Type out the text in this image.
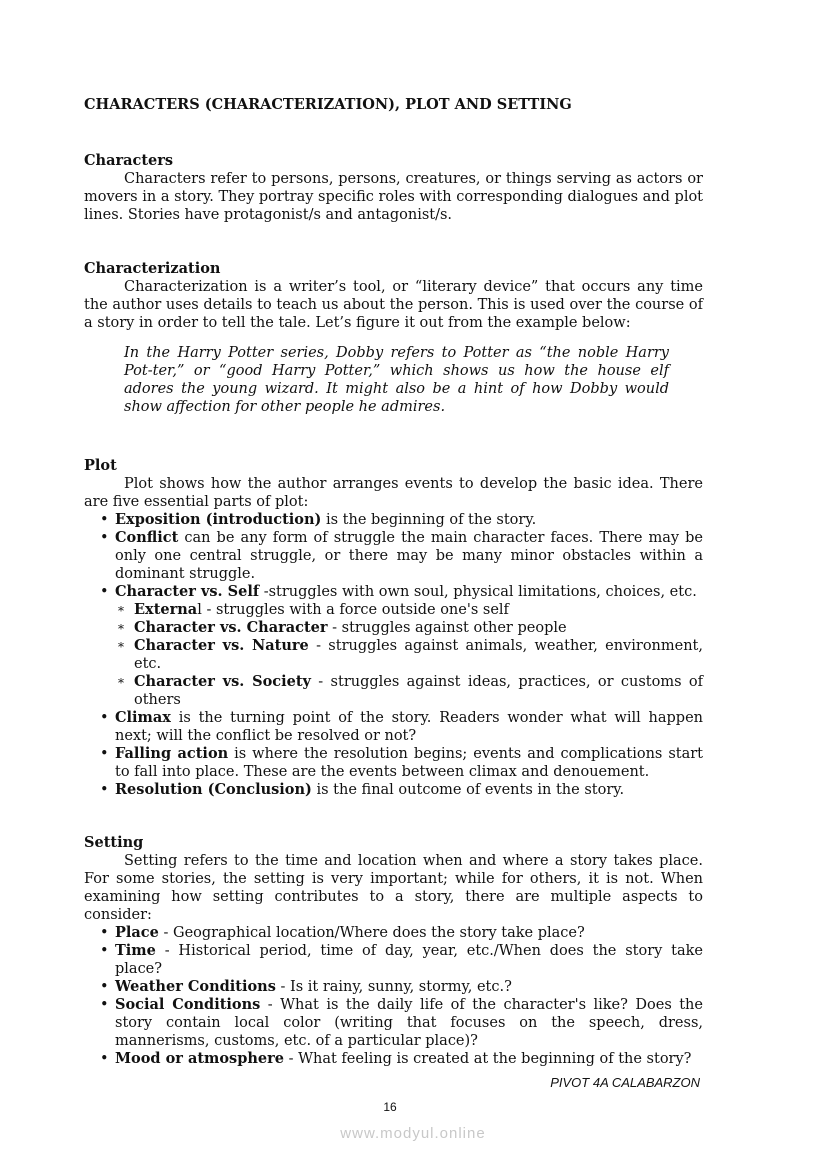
CHARACTERS (CHARACTERIZATION), PLOT AND SETTING
Characters
Characters refer to persons, persons, creatures, or things serving as actors or movers in a story. They portray specific roles with corresponding dialogues and plot lines. Stories have protagonist/s and antagonist/s.
Characterization
Characterization is a writer’s tool, or “literary device” that occurs any time the author uses details to teach us about the person. This is used over the course of a story in order to tell the tale. Let’s figure it out from the example below:
In the Harry Potter series, Dobby refers to Potter as “the noble Harry Pot-ter,” or “good Harry Potter,” which shows us how the house elf adores the young wizard. It might also be a hint of how Dobby would show affection for other people he admires.
Plot
Plot shows how the author arranges events to develop the basic idea. There are five essential parts of plot:
• Exposition (introduction) is the beginning of the story.
• Conflict can be any form of struggle the main character faces. There may be only one central struggle, or there may be many minor obstacles within a dominant struggle.
• Character vs. Self -struggles with own soul, physical limitations, choices, etc.
* External - struggles with a force outside one's self
* Character vs. Character - struggles against other people
* Character vs. Nature - struggles against animals, weather, environment, etc.
* Character vs. Society - struggles against ideas, practices, or customs of others
• Climax is the turning point of the story. Readers wonder what will happen next; will the conflict be resolved or not?
• Falling action is where the resolution begins; events and complications start to fall into place. These are the events between climax and denouement.
• Resolution (Conclusion) is the final outcome of events in the story.
Setting
Setting refers to the time and location when and where a story takes place. For some stories, the setting is very important; while for others, it is not. When examining how setting contributes to a story, there are multiple aspects to consider:
• Place - Geographical location/Where does the story take place?
• Time - Historical period, time of day, year, etc./When does the story take place?
• Weather Conditions - Is it rainy, sunny, stormy, etc.?
• Social Conditions - What is the daily life of the character's like? Does the story contain local color (writing that focuses on the speech, dress, mannerisms, customs, etc. of a particular place)?
• Mood or atmosphere - What feeling is created at the beginning of the story?
PIVOT 4A CALABARZON
16
www.modyul.online
